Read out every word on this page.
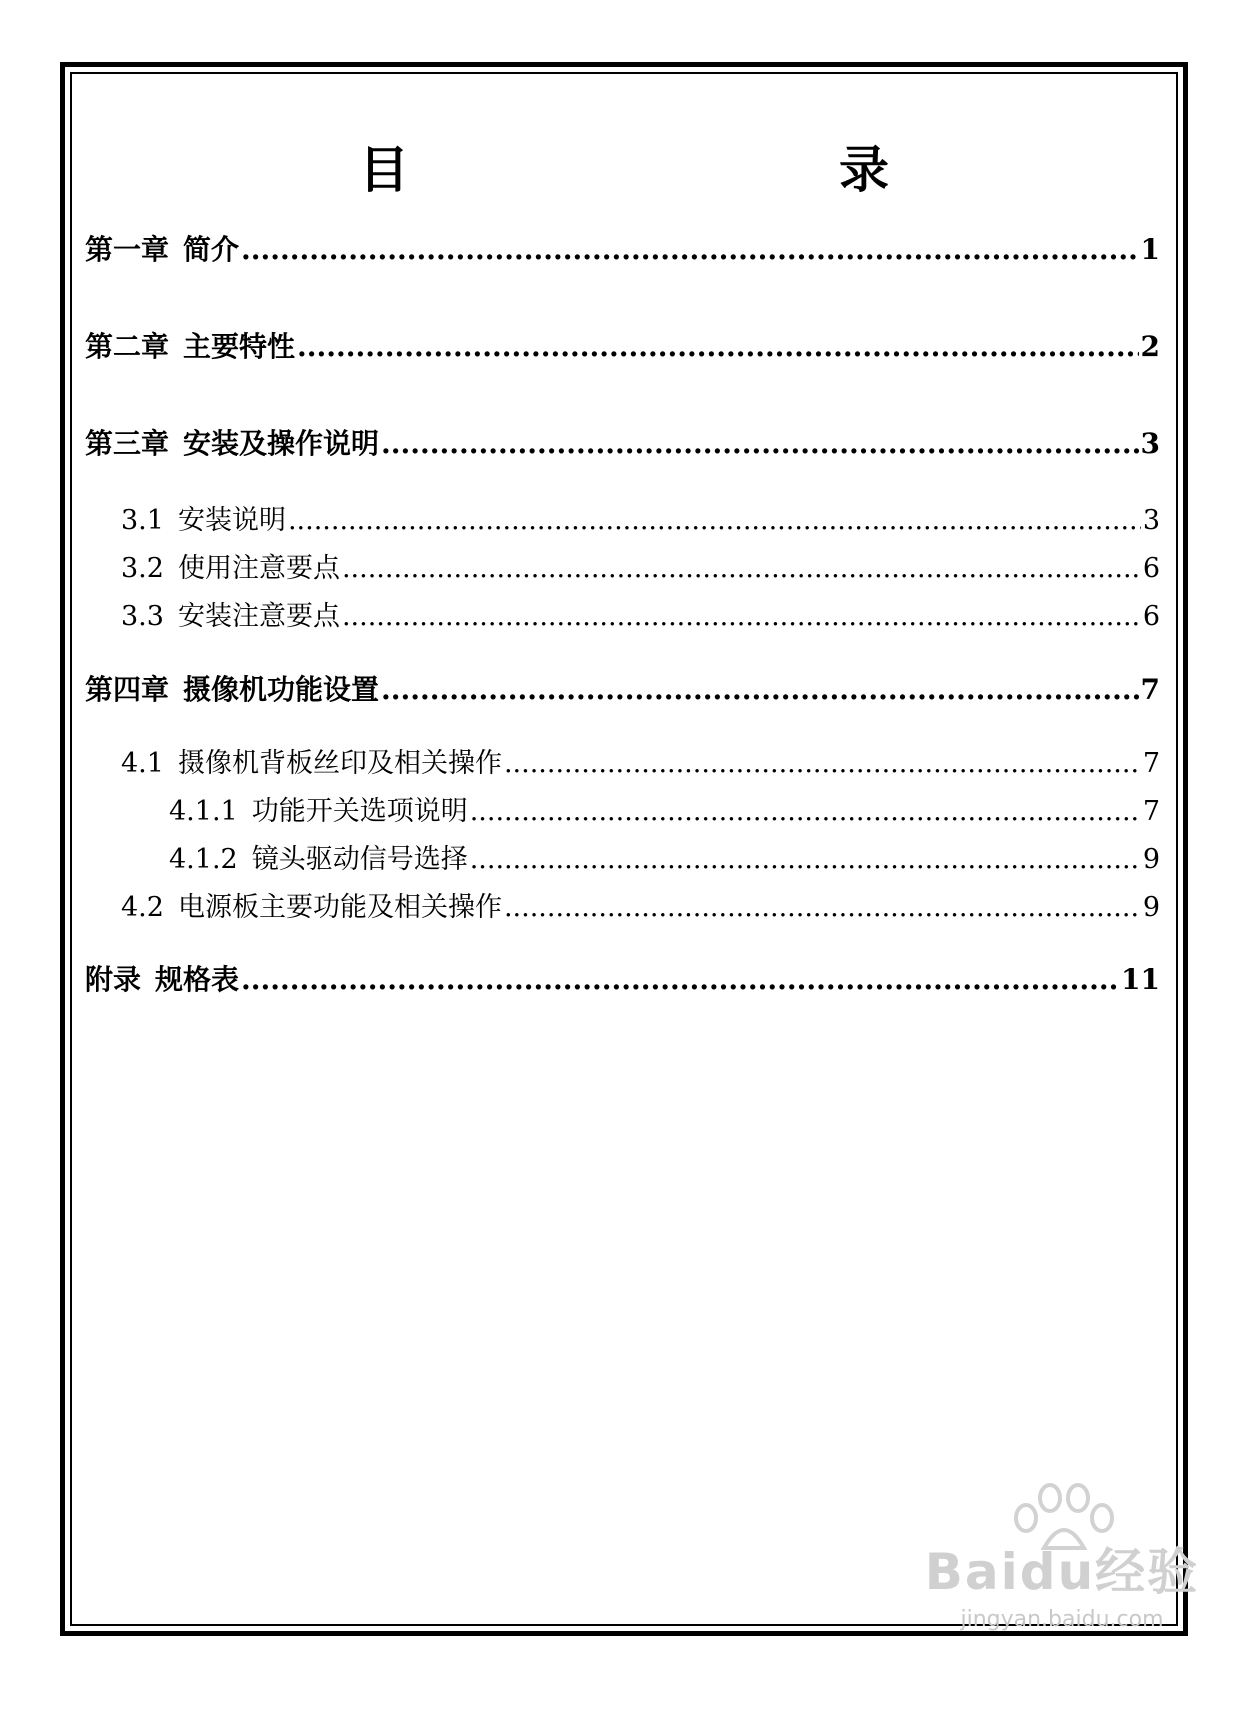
目　　录
第一章 简介 .....	1
第二章 主要特性 .....	2
第三章 安装及操作说明 .....	3
3.1 安装说明 .....	3
3.2 使用注意要点 .....	6
3.3 安装注意要点 .....	6
第四章 摄像机功能设置 .....	7
4.1 摄像机背板丝印及相关操作 .....	7
4.1.1 功能开关选项说明 .....	7
4.1.2 镜头驱动信号选择 .....	9
4.2 电源板主要功能及相关操作 .....	9
附录 规格表 .....	11
Baidu经验
jingyan.baidu.com
